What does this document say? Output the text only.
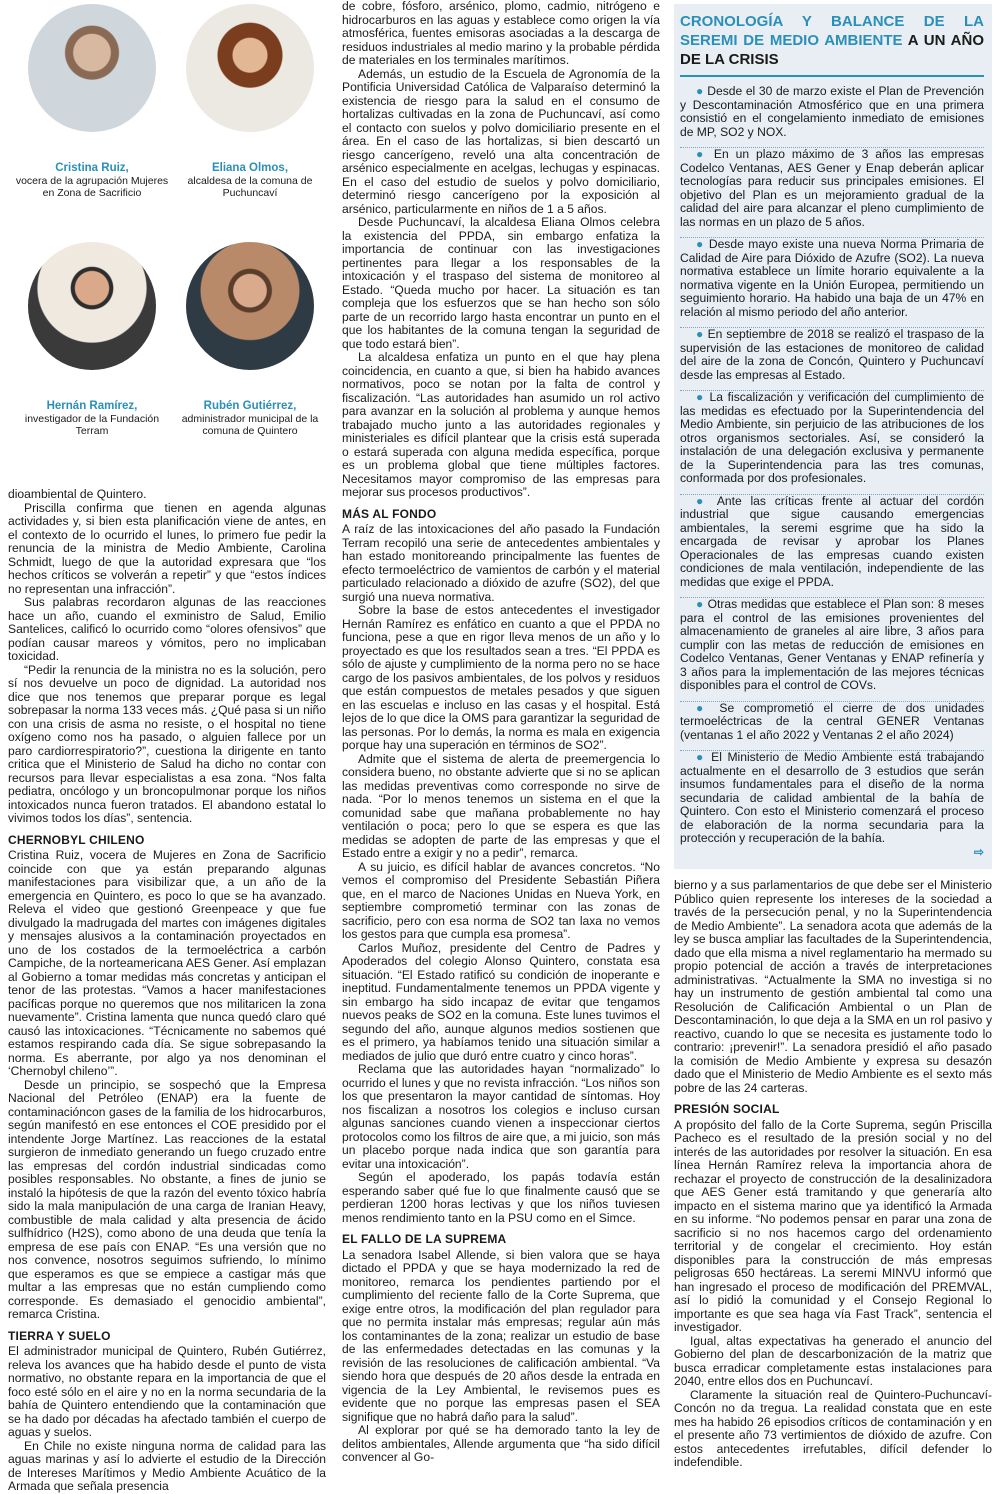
Cristina Ruiz,
vocera de la agrupación Mujeres en Zona de Sacrificio
Eliana Olmos,
alcaldesa de la comuna de Puchuncaví
Hernán Ramírez,
investigador de la Fundación Terram
Rubén Gutiérrez,
administrador municipal de la comuna de Quintero

dioambiental de Quintero.

Priscilla confirma que tienen en agenda algunas actividades y, si bien esta planificación viene de antes, en el contexto de lo ocurrido el lunes, lo primero fue pedir la renuncia de la ministra de Medio Ambiente, Carolina Schmidt, luego de que la autoridad expresara que “los hechos críticos se volverán a repetir” y que “estos índices no representan una infracción”.

Sus palabras recordaron algunas de las reacciones hace un año, cuando el exministro de Salud, Emilio Santelices, calificó lo ocurrido como “olores ofensivos” que podían causar mareos y vómitos, pero no implicaban toxicidad.

“Pedir la renuncia de la ministra no es la solución, pero sí nos devuelve un poco de dignidad. La autoridad nos dice que nos tenemos que preparar porque es legal sobrepasar la norma 133 veces más. ¿Qué pasa si un niño con una crisis de asma no resiste, o el hospital no tiene oxígeno como nos ha pasado, o alguien fallece por un paro cardiorrespiratorio?”, cuestiona la dirigente en tanto critica que el Ministerio de Salud ha dicho no contar con recursos para llevar especialistas a esa zona. “Nos falta pediatra, oncólogo y un broncopulmonar porque los niños intoxicados nunca fueron tratados. El abandono estatal lo vivimos todos los días”, sentencia.

CHERNOBYL CHILENO

Cristina Ruiz, vocera de Mujeres en Zona de Sacrificio coincide con que ya están preparando algunas manifestaciones para visibilizar que, a un año de la emergencia en Quintero, es poco lo que se ha avanzado. Releva el video que gestionó Greenpeace y que fue divulgado la madrugada del martes con imágenes digitales y mensajes alusivos a la contaminación proyectados en uno de los costados de la termoeléctrica a carbón Campiche, de la norteamericana AES Gener. Así emplazan al Gobierno a tomar medidas más concretas y anticipan el tenor de las protestas. “Vamos a hacer manifestaciones pacíficas porque no queremos que nos militaricen la zona nuevamente”. Cristina lamenta que nunca quedó claro qué causó las intoxicaciones. “Técnicamente no sabemos qué estamos respirando cada día. Se sigue sobrepasando la norma. Es aberrante, por algo ya nos denominan el ‘Chernobyl chileno’”.

Desde un principio, se sospechó que la Empresa Nacional del Petróleo (ENAP) era la fuente de contaminacióncon gases de la familia de los hidrocarburos, según manifestó en ese entonces el COE presidido por el intendente Jorge Martínez. Las reacciones de la estatal surgieron de inmediato generando un fuego cruzado entre las empresas del cordón industrial sindicadas como posibles responsables. No obstante, a fines de junio se instaló la hipótesis de que la razón del evento tóxico habría sido la mala manipulación de una carga de Iranian Heavy, combustible de mala calidad y alta presencia de ácido sulfhídrico (H2S), como abono de una deuda que tenía la empresa de ese país con ENAP. “Es una versión que no nos convence, nosotros seguimos sufriendo, lo mínimo que esperamos es que se empiece a castigar más que multar a las empresas que no están cumpliendo como corresponde. Es demasiado el genocidio ambiental”, remarca Cristina.

TIERRA Y SUELO

El administrador municipal de Quintero, Rubén Gutiérrez, releva los avances que ha habido desde el punto de vista normativo, no obstante repara en la importancia de que el foco esté sólo en el aire y no en la norma secundaria de la bahía de Quintero entendiendo que la contaminación que se ha dado por décadas ha afectado también el cuerpo de aguas y suelos.

En Chile no existe ninguna norma de calidad para las aguas marinas y así lo advierte el estudio de la Dirección de Intereses Marítimos y Medio Ambiente Acuático de la Armada que señala presencia

de cobre, fósforo, arsénico, plomo, cadmio, nitrógeno e hidrocarburos en las aguas y establece como origen la vía atmosférica, fuentes emisoras asociadas a la descarga de residuos industriales al medio marino y la probable pérdida de materiales en los terminales marítimos.

Además, un estudio de la Escuela de Agronomía de la Pontificia Universidad Católica de Valparaíso determinó la existencia de riesgo para la salud en el consumo de hortalizas cultivadas en la zona de Puchuncaví, así como el contacto con suelos y polvo domiciliario presente en el área. En el caso de las hortalizas, si bien descartó un riesgo cancerígeno, reveló una alta concentración de arsénico especialmente en acelgas, lechugas y espinacas. En el caso del estudio de suelos y polvo domiciliario, determinó riesgo cancerígeno por la exposición al arsénico, particularmente en niños de 1 a 5 años.

Desde Puchuncaví, la alcaldesa Eliana Olmos celebra la existencia del PPDA, sin embargo enfatiza la importancia de continuar con las investigaciones pertinentes para llegar a los responsables de la intoxicación y el traspaso del sistema de monitoreo al Estado. “Queda mucho por hacer. La situación es tan compleja que los esfuerzos que se han hecho son sólo parte de un recorrido largo hasta encontrar un punto en el que los habitantes de la comuna tengan la seguridad de que todo estará bien”.

La alcaldesa enfatiza un punto en el que hay plena coincidencia, en cuanto a que, si bien ha habido avances normativos, poco se notan por la falta de control y fiscalización. “Las autoridades han asumido un rol activo para avanzar en la solución al problema y aunque hemos trabajado mucho junto a las autoridades regionales y ministeriales es difícil plantear que la crisis está superada o estará superada con alguna medida específica, porque es un problema global que tiene múltiples factores. Necesitamos mayor compromiso de las empresas para mejorar sus procesos productivos”.

MÁS AL FONDO

A raíz de las intoxicaciones del año pasado la Fundación Terram recopiló una serie de antecedentes ambientales y han estado monitoreando principalmente las fuentes de efecto termoeléctrico de vamientos de carbón y el material particulado relacionado a dióxido de azufre (SO2), del que surgió una nueva normativa.

Sobre la base de estos antecedentes el investigador Hernán Ramírez es enfático en cuanto a que el PPDA no funciona, pese a que en rigor lleva menos de un año y lo proyectado es que los resultados sean a tres. “El PPDA es sólo de ajuste y cumplimiento de la norma pero no se hace cargo de los pasivos ambientales, de los polvos y residuos que están compuestos de metales pesados y que siguen en las escuelas e incluso en las casas y el hospital. Está lejos de lo que dice la OMS para garantizar la seguridad de las personas. Por lo demás, la norma es mala en exigencia porque hay una superación en términos de SO2”.

Admite que el sistema de alerta de preemergencia lo considera bueno, no obstante advierte que si no se aplican las medidas preventivas como corresponde no sirve de nada. “Por lo menos tenemos un sistema en el que la comunidad sabe que mañana probablemente no hay ventilación o poca; pero lo que se espera es que las medidas se adopten de parte de las empresas y que el Estado entre a exigir y no a pedir”, remarca.

A su juicio, es difícil hablar de avances concretos. “No vemos el compromiso del Presidente Sebastián Piñera que, en el marco de Naciones Unidas en Nueva York, en septiembre comprometió terminar con las zonas de sacrificio, pero con esa norma de SO2 tan laxa no vemos los gestos para que cumpla esa promesa”.

Carlos Muñoz, presidente del Centro de Padres y Apoderados del colegio Alonso Quintero, constata esa situación. “El Estado ratificó su condición de inoperante e ineptitud. Fundamentalmente tenemos un PPDA vigente y sin embargo ha sido incapaz de evitar que tengamos nuevos peaks de SO2 en la comuna. Este lunes tuvimos el segundo del año, aunque algunos medios sostienen que es el primero, ya habíamos tenido una situación similar a mediados de julio que duró entre cuatro y cinco horas”.

Reclama que las autoridades hayan “normalizado” lo ocurrido el lunes y que no revista infracción. “Los niños son los que presentaron la mayor cantidad de síntomas. Hoy nos fiscalizan a nosotros los colegios e incluso cursan algunas sanciones cuando vienen a inspeccionar ciertos protocolos como los filtros de aire que, a mi juicio, son más un placebo porque nada indica que son garantía para evitar una intoxicación”.

Según el apoderado, los papás todavía están esperando saber qué fue lo que finalmente causó que se perdieran 1200 horas lectivas y que los niños tuviesen menos rendimiento tanto en la PSU como en el Simce.

EL FALLO DE LA SUPREMA

La senadora Isabel Allende, si bien valora que se haya dictado el PPDA y que se haya modernizado la red de monitoreo, remarca los pendientes partiendo por el cumplimiento del reciente fallo de la Corte Suprema, que exige entre otros, la modificación del plan regulador para que no permita instalar más empresas; regular aún más los contaminantes de la zona; realizar un estudio de base de las enfermedades detectadas en las comunas y la revisión de las resoluciones de calificación ambiental. “Va siendo hora que después de 20 años desde la entrada en vigencia de la Ley Ambiental, le revisemos pues es evidente que no porque las empresas pasen el SEA signifique que no habrá daño para la salud”.

Al explorar por qué se ha demorado tanto la ley de delitos ambientales, Allende argumenta que “ha sido difícil convencer al Go-

CRONOLOGÍA Y BALANCE DE LA SEREMI DE MEDIO AMBIENTE A UN AÑO DE LA CRISIS

● Desde el 30 de marzo existe el Plan de Prevención y Descontaminación Atmosférico que en una primera consistió en el congelamiento inmediato de emisiones de MP, SO2 y NOX.

● En un plazo máximo de 3 años las empresas Codelco Ventanas, AES Gener y Enap deberán aplicar tecnologías para reducir sus principales emisiones. El objetivo del Plan es un mejoramiento gradual de la calidad del aire para alcanzar el pleno cumplimiento de las normas en un plazo de 5 años.

● Desde mayo existe una nueva Norma Primaria de Calidad de Aire para Dióxido de Azufre (SO2). La nueva normativa establece un límite horario equivalente a la normativa vigente en la Unión Europea, permitiendo un seguimiento horario. Ha habido una baja de un 47% en relación al mismo periodo del año anterior.

● En septiembre de 2018 se realizó el traspaso de la supervisión de las estaciones de monitoreo de calidad del aire de la zona de Concón, Quintero y Puchuncaví desde las empresas al Estado.

● La fiscalización y verificación del cumplimiento de las medidas es efectuado por la Superintendencia del Medio Ambiente, sin perjuicio de las atribuciones de los otros organismos sectoriales. Así, se consideró la instalación de una delegación exclusiva y permanente de la Superintendencia para las tres comunas, conformada por dos profesionales.

● Ante las críticas frente al actuar del cordón industrial que sigue causando emergencias ambientales, la seremi esgrime que ha sido la encargada de revisar y aprobar los Planes Operacionales de las empresas cuando existen condiciones de mala ventilación, independiente de las medidas que exige el PPDA.

● Otras medidas que establece el Plan son: 8 meses para el control de las emisiones provenientes del almacenamiento de graneles al aire libre, 3 años para cumplir con las metas de reducción de emisiones en Codelco Ventanas, Gener Ventanas y ENAP refinería y 3 años para la implementación de las mejores técnicas disponibles para el control de COVs.

● Se comprometió el cierre de dos unidades termoeléctricas de la central GENER Ventanas (ventanas 1 el año 2022 y Ventanas 2 el año 2024)

● El Ministerio de Medio Ambiente está trabajando actualmente en el desarrollo de 3 estudios que serán insumos fundamentales para el diseño de la norma secundaria de calidad ambiental de la bahía de Quintero. Con esto el Ministerio comenzará el proceso de elaboración de la norma secundaria para la protección y recuperación de la bahía.

⇨

bierno y a sus parlamentarios de que debe ser el Ministerio Público quien represente los intereses de la sociedad a través de la persecución penal, y no la Superintendencia de Medio Ambiente”. La senadora acota que además de la ley se busca ampliar las facultades de la Superintendencia, dado que ella misma a nivel reglamentario ha mermado su propio potencial de acción a través de interpretaciones administrativas. “Actualmente la SMA no investiga si no hay un instrumento de gestión ambiental tal como una Resolución de Calificación Ambiental o un Plan de Descontaminación, lo que deja a la SMA en un rol pasivo y reactivo, cuando lo que se necesita es justamente todo lo contrario: ¡prevenir!”. La senadora presidió el año pasado la comisión de Medio Ambiente y expresa su desazón dado que el Ministerio de Medio Ambiente es el sexto más pobre de las 24 carteras.

PRESIÓN SOCIAL

A propósito del fallo de la Corte Suprema, según Priscilla Pacheco es el resultado de la presión social y no del interés de las autoridades por resolver la situación. En esa línea Hernán Ramírez releva la importancia ahora de rechazar el proyecto de construcción de la desalinizadora que AES Gener está tramitando y que generaría alto impacto en el sistema marino que ya identificó la Armada en su informe. “No podemos pensar en parar una zona de sacrificio si no nos hacemos cargo del ordenamiento territorial y de congelar el crecimiento. Hoy están disponibles para la construcción de más empresas peligrosas 650 hectáreas. La seremi MINVU informó que han ingresado el proceso de modificación del PREMVAL, así lo pidió la comunidad y el Consejo Regional lo importante es que sea haga vía Fast Track”, sentencia el investigador.

Igual, altas expectativas ha generado el anuncio del Gobierno del plan de descarbonización de la matriz que busca erradicar completamente estas instalaciones para 2040, entre ellos dos en Puchuncaví.

Claramente la situación real de Quintero-Puchuncaví-Concón no da tregua. La realidad constata que en este mes ha habido 26 episodios críticos de contaminación y en el presente año 73 vertimientos de dióxido de azufre. Con estos antecedentes irrefutables, difícil defender lo indefendible.
